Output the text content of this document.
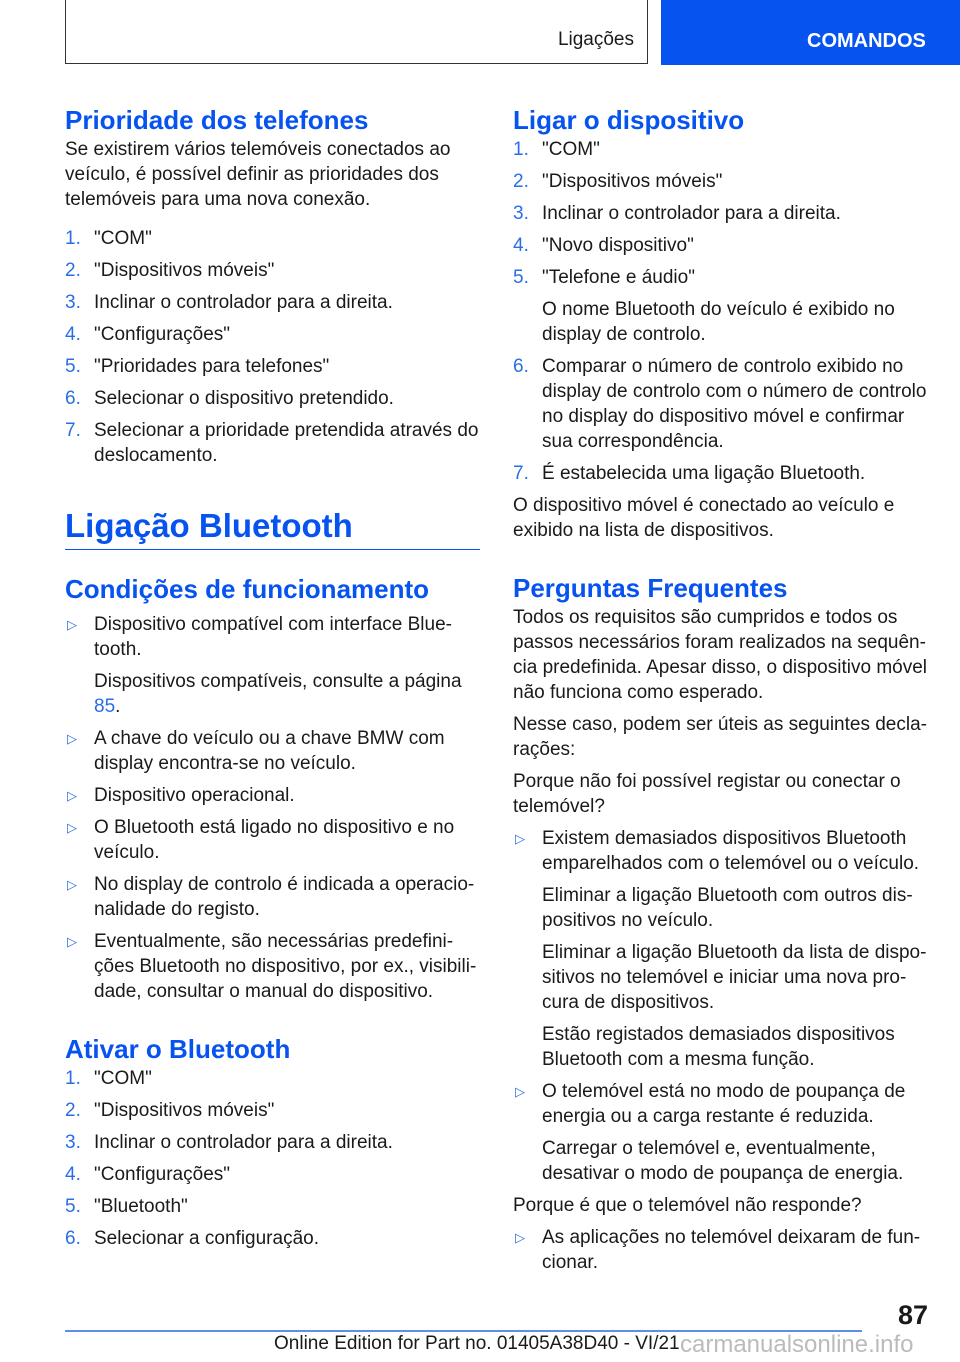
Ligações	COMANDOS
Prioridade dos telefones

Se existirem vários telemóveis conectados ao veículo, é possível definir as prioridades dos telemóveis para uma nova conexão.

1. "COM"
2. "Dispositivos móveis"
3. Inclinar o controlador para a direita.
4. "Configurações"
5. "Prioridades para telefones"
6. Selecionar o dispositivo pretendido.
7. Selecionar a prioridade pretendida através do deslocamento.
Ligação Bluetooth
Condições de funcionamento
▷ Dispositivo compatível com interface Bluetooth.
Dispositivos compatíveis, consulte a página 85.
▷ A chave do veículo ou a chave BMW com display encontra-se no veículo.
▷ Dispositivo operacional.
▷ O Bluetooth está ligado no dispositivo e no veículo.
▷ No display de controlo é indicada a operacionalidade do registo.
▷ Eventualmente, são necessárias predefinições Bluetooth no dispositivo, por ex., visibilidade, consultar o manual do dispositivo.
Ativar o Bluetooth
1. "COM"
2. "Dispositivos móveis"
3. Inclinar o controlador para a direita.
4. "Configurações"
5. "Bluetooth"
6. Selecionar a configuração.
Ligar o dispositivo
1. "COM"
2. "Dispositivos móveis"
3. Inclinar o controlador para a direita.
4. "Novo dispositivo"
5. "Telefone e áudio"
O nome Bluetooth do veículo é exibido no display de controlo.
6. Comparar o número de controlo exibido no display de controlo com o número de controlo no display do dispositivo móvel e confirmar sua correspondência.
7. É estabelecida uma ligação Bluetooth.

O dispositivo móvel é conectado ao veículo e exibido na lista de dispositivos.

Perguntas Frequentes

Todos os requisitos são cumpridos e todos os passos necessários foram realizados na sequência predefinida. Apesar disso, o dispositivo móvel não funciona como esperado.

Nesse caso, podem ser úteis as seguintes declarações:

Porque não foi possível registar ou conectar o telemóvel?

▷ Existem demasiados dispositivos Bluetooth emparelhados com o telemóvel ou o veículo.
Eliminar a ligação Bluetooth com outros dispositivos no veículo.
Eliminar a ligação Bluetooth da lista de dispositivos no telemóvel e iniciar uma nova procura de dispositivos.
Estão registados demasiados dispositivos Bluetooth com a mesma função.
▷ O telemóvel está no modo de poupança de energia ou a carga restante é reduzida.
Carregar o telemóvel e, eventualmente, desativar o modo de poupança de energia.

Porque é que o telemóvel não responde?

▷ As aplicações no telemóvel deixaram de funcionar.
87
Online Edition for Part no. 01405A38D40 - VI/21 carmanualsonline.info
